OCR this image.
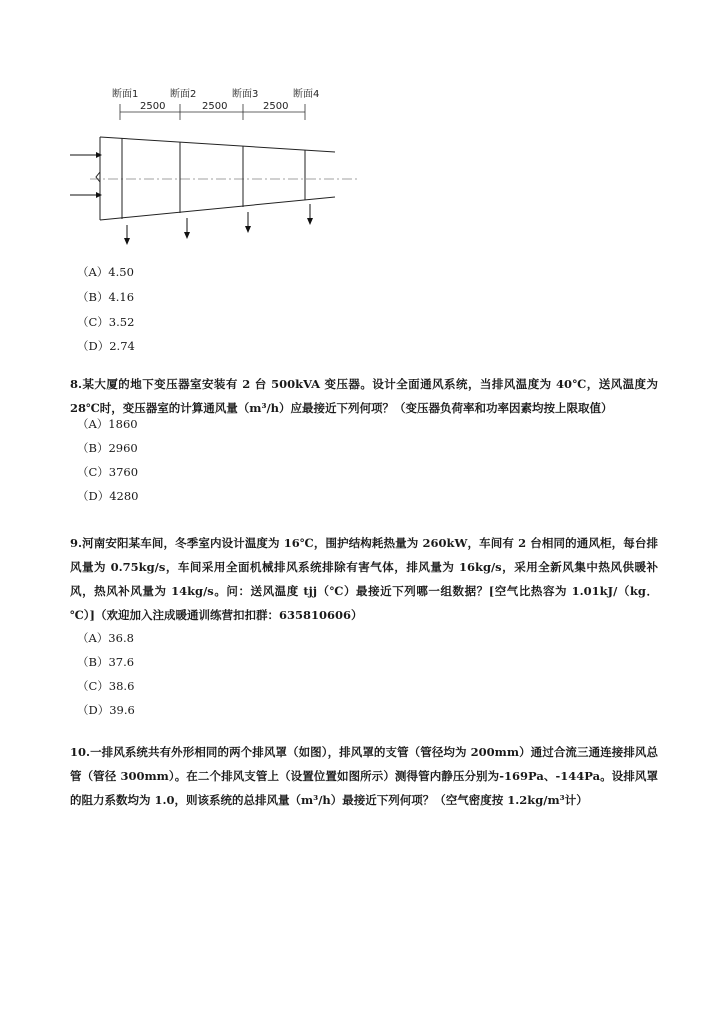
断面1	断面2	断面3	断面4
2500	2500	2500
（A）4.50
（B）4.16
（C）3.52
（D）2.74
8.某大厦的地下变压器室安装有 2 台 500kVA 变压器。设计全面通风系统，当排风温度为 40℃，送风温度为 28℃时，变压器室的计算通风量（m³/h）应最接近下列何项？（变压器负荷率和功率因素均按上限取值）
（A）1860
（B）2960
（C）3760
（D）4280
9.河南安阳某车间，冬季室内设计温度为 16℃，围护结构耗热量为 260kW，车间有 2 台相同的通风柜，每台排风量为 0.75kg/s，车间采用全面机械排风系统排除有害气体，排风量为 16kg/s，采用全新风集中热风供暖补风，热风补风量为 14kg/s。问：送风温度 tjj（℃）最接近下列哪一组数据？[空气比热容为 1.01kJ/（kg．℃）]（欢迎加入注成暖通训练营扣扣群：635810606）
（A）36.8
（B）37.6
（C）38.6
（D）39.6
10.一排风系统共有外形相同的两个排风罩（如图），排风罩的支管（管径均为 200mm）通过合流三通连接排风总管（管径 300mm）。在二个排风支管上（设置位置如图所示）测得管内静压分别为-169Pa、-144Pa。设排风罩的阻力系数均为 1.0，则该系统的总排风量（m³/h）最接近下列何项？（空气密度按 1.2kg/m³计）
